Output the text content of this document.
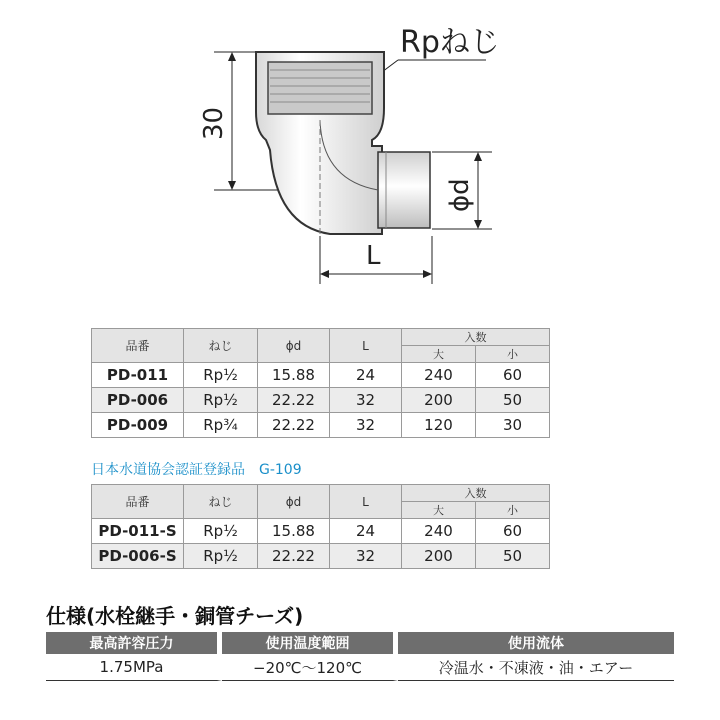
Rpねじ
30
ϕd
L
品番	ねじ	ϕd	L	入数	
				大	小
PD-011	Rp½	15.88	24	240	60
PD-006	Rp½	22.22	32	200	50
PD-009	Rp¾	22.22	32	120	30
日本水道協会認証登録品 G-109
品番	ねじ	ϕd	L	入数	
				大	小
PD-011-S	Rp½	15.88	24	240	60
PD-006-S	Rp½	22.22	32	200	50
仕様(水栓継手・銅管チーズ)
最高許容圧力	使用温度範囲	使用流体
1.75MPa	−20℃〜120℃	冷温水・不凍液・油・エアー
